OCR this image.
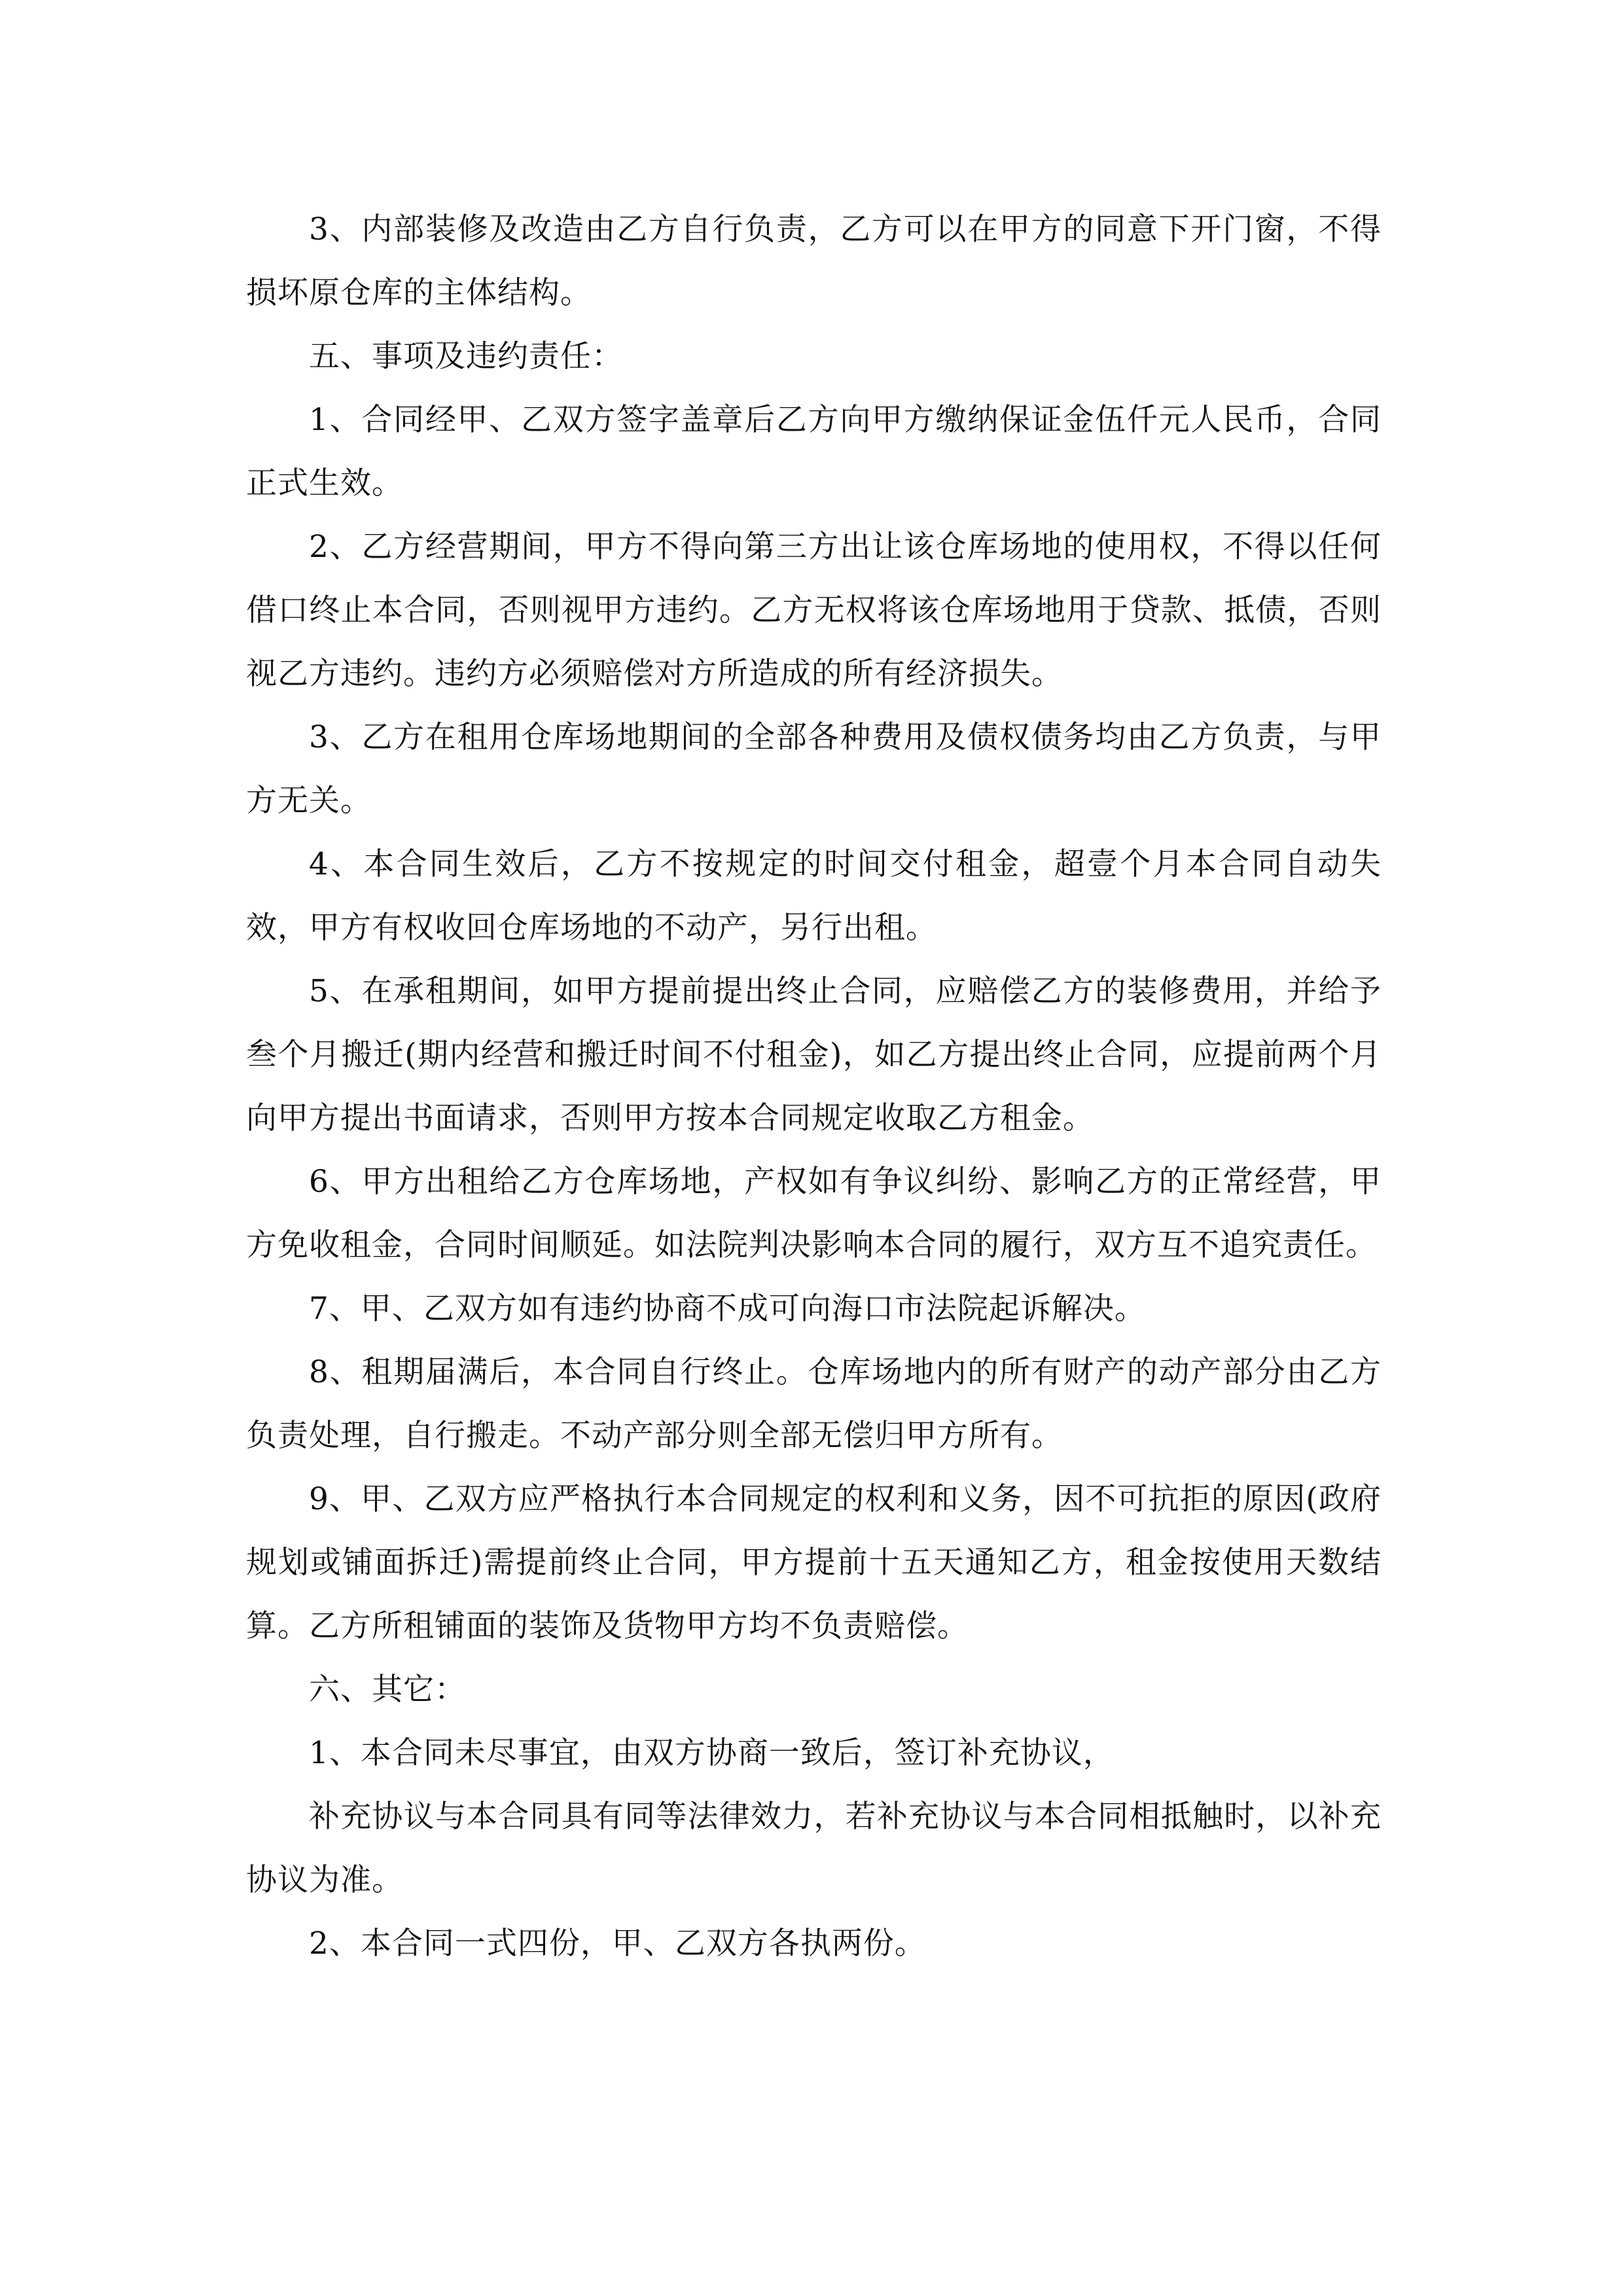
3、内部装修及改造由乙方自行负责，乙方可以在甲方的同意下开门窗，不得损坏原仓库的主体结构。

五、事项及违约责任：

1、合同经甲、乙双方签字盖章后乙方向甲方缴纳保证金伍仟元人民币，合同正式生效。

2、乙方经营期间，甲方不得向第三方出让该仓库场地的使用权，不得以任何借口终止本合同，否则视甲方违约。乙方无权将该仓库场地用于贷款、抵债，否则视乙方违约。违约方必须赔偿对方所造成的所有经济损失。

3、乙方在租用仓库场地期间的全部各种费用及债权债务均由乙方负责，与甲方无关。

4、本合同生效后，乙方不按规定的时间交付租金，超壹个月本合同自动失效，甲方有权收回仓库场地的不动产，另行出租。

5、在承租期间，如甲方提前提出终止合同，应赔偿乙方的装修费用，并给予叁个月搬迁(期内经营和搬迁时间不付租金)，如乙方提出终止合同，应提前两个月向甲方提出书面请求，否则甲方按本合同规定收取乙方租金。

6、甲方出租给乙方仓库场地，产权如有争议纠纷、影响乙方的正常经营，甲方免收租金，合同时间顺延。如法院判决影响本合同的履行，双方互不追究责任。

7、甲、乙双方如有违约协商不成可向海口市法院起诉解决。

8、租期届满后，本合同自行终止。仓库场地内的所有财产的动产部分由乙方负责处理，自行搬走。不动产部分则全部无偿归甲方所有。

9、甲、乙双方应严格执行本合同规定的权利和义务，因不可抗拒的原因(政府规划或铺面拆迁)需提前终止合同，甲方提前十五天通知乙方，租金按使用天数结算。乙方所租铺面的装饰及货物甲方均不负责赔偿。

六、其它：

1、本合同未尽事宜，由双方协商一致后，签订补充协议，

补充协议与本合同具有同等法律效力，若补充协议与本合同相抵触时，以补充协议为准。

2、本合同一式四份，甲、乙双方各执两份。
